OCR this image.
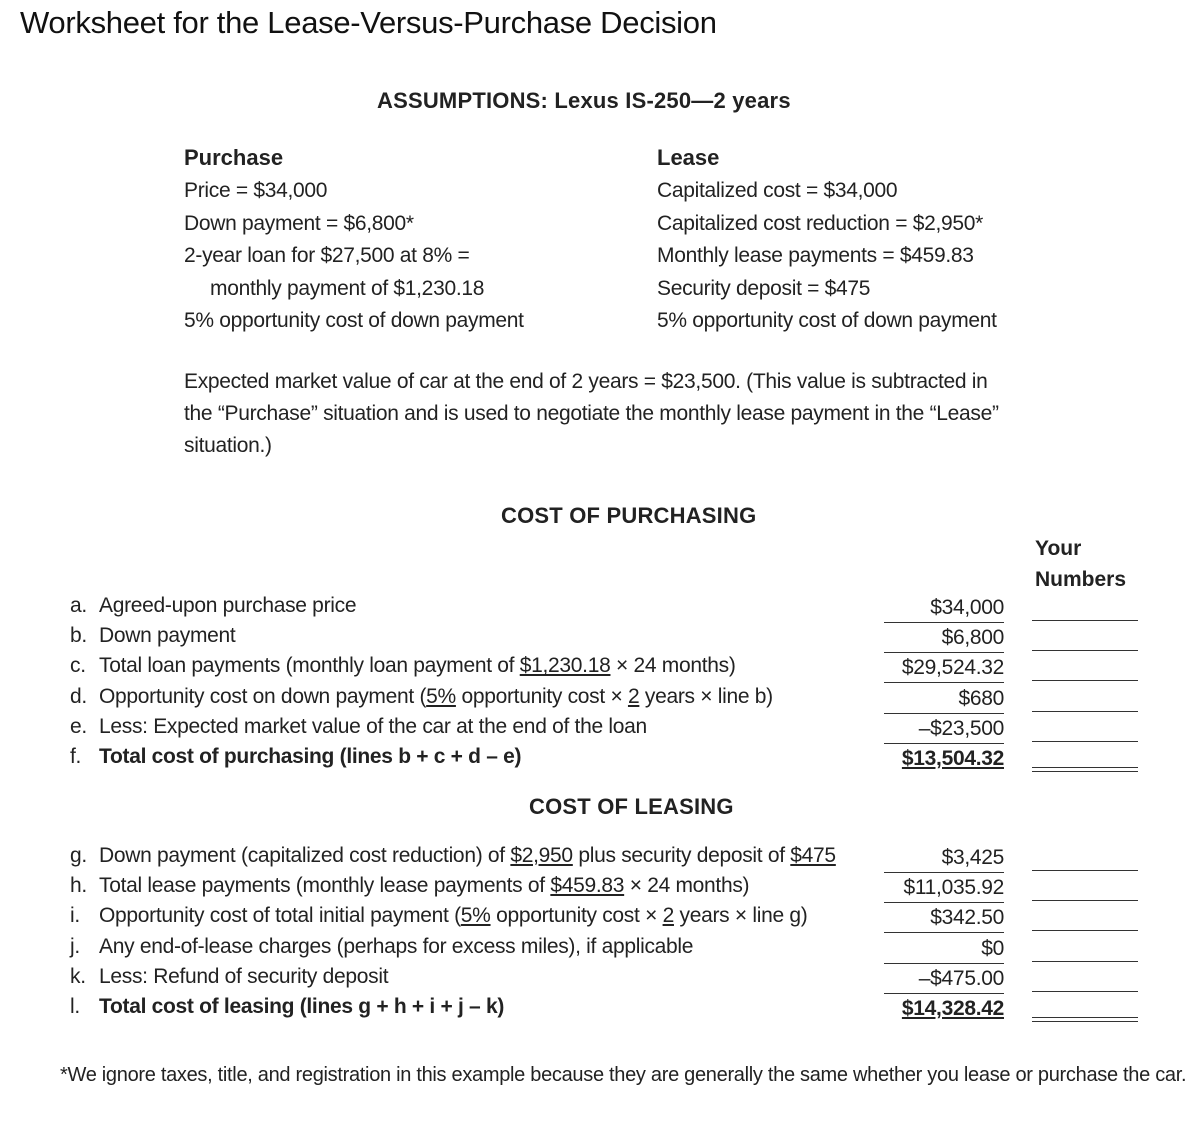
Worksheet for the Lease-Versus-Purchase Decision
ASSUMPTIONS: Lexus IS-250—2 years
Purchase
Price = $34,000
Down payment = $6,800*
2-year loan for $27,500 at 8% =
monthly payment of $1,230.18
5% opportunity cost of down payment
Lease
Capitalized cost = $34,000
Capitalized cost reduction = $2,950*
Monthly lease payments = $459.83
Security deposit = $475
5% opportunity cost of down payment
Expected market value of car at the end of 2 years = $23,500. (This value is subtracted in the “Purchase” situation and is used to negotiate the monthly lease payment in the “Lease” situation.)
COST OF PURCHASING
Your
Numbers
a. Agreed-upon purchase price	$34,000
b. Down payment	$6,800
c. Total loan payments (monthly loan payment of $1,230.18 × 24 months)	$29,524.32
d. Opportunity cost on down payment (5% opportunity cost × 2 years × line b)	$680
e. Less: Expected market value of the car at the end of the loan	–$23,500
f. Total cost of purchasing (lines b + c + d – e)	$13,504.32
COST OF LEASING
g. Down payment (capitalized cost reduction) of $2,950 plus security deposit of $475	$3,425
h. Total lease payments (monthly lease payments of $459.83 × 24 months)	$11,035.92
i. Opportunity cost of total initial payment (5% opportunity cost × 2 years × line g)	$342.50
j. Any end-of-lease charges (perhaps for excess miles), if applicable	$0
k. Less: Refund of security deposit	–$475.00
l. Total cost of leasing (lines g + h + i + j – k)	$14,328.42
*We ignore taxes, title, and registration in this example because they are generally the same whether you lease or purchase the car.
